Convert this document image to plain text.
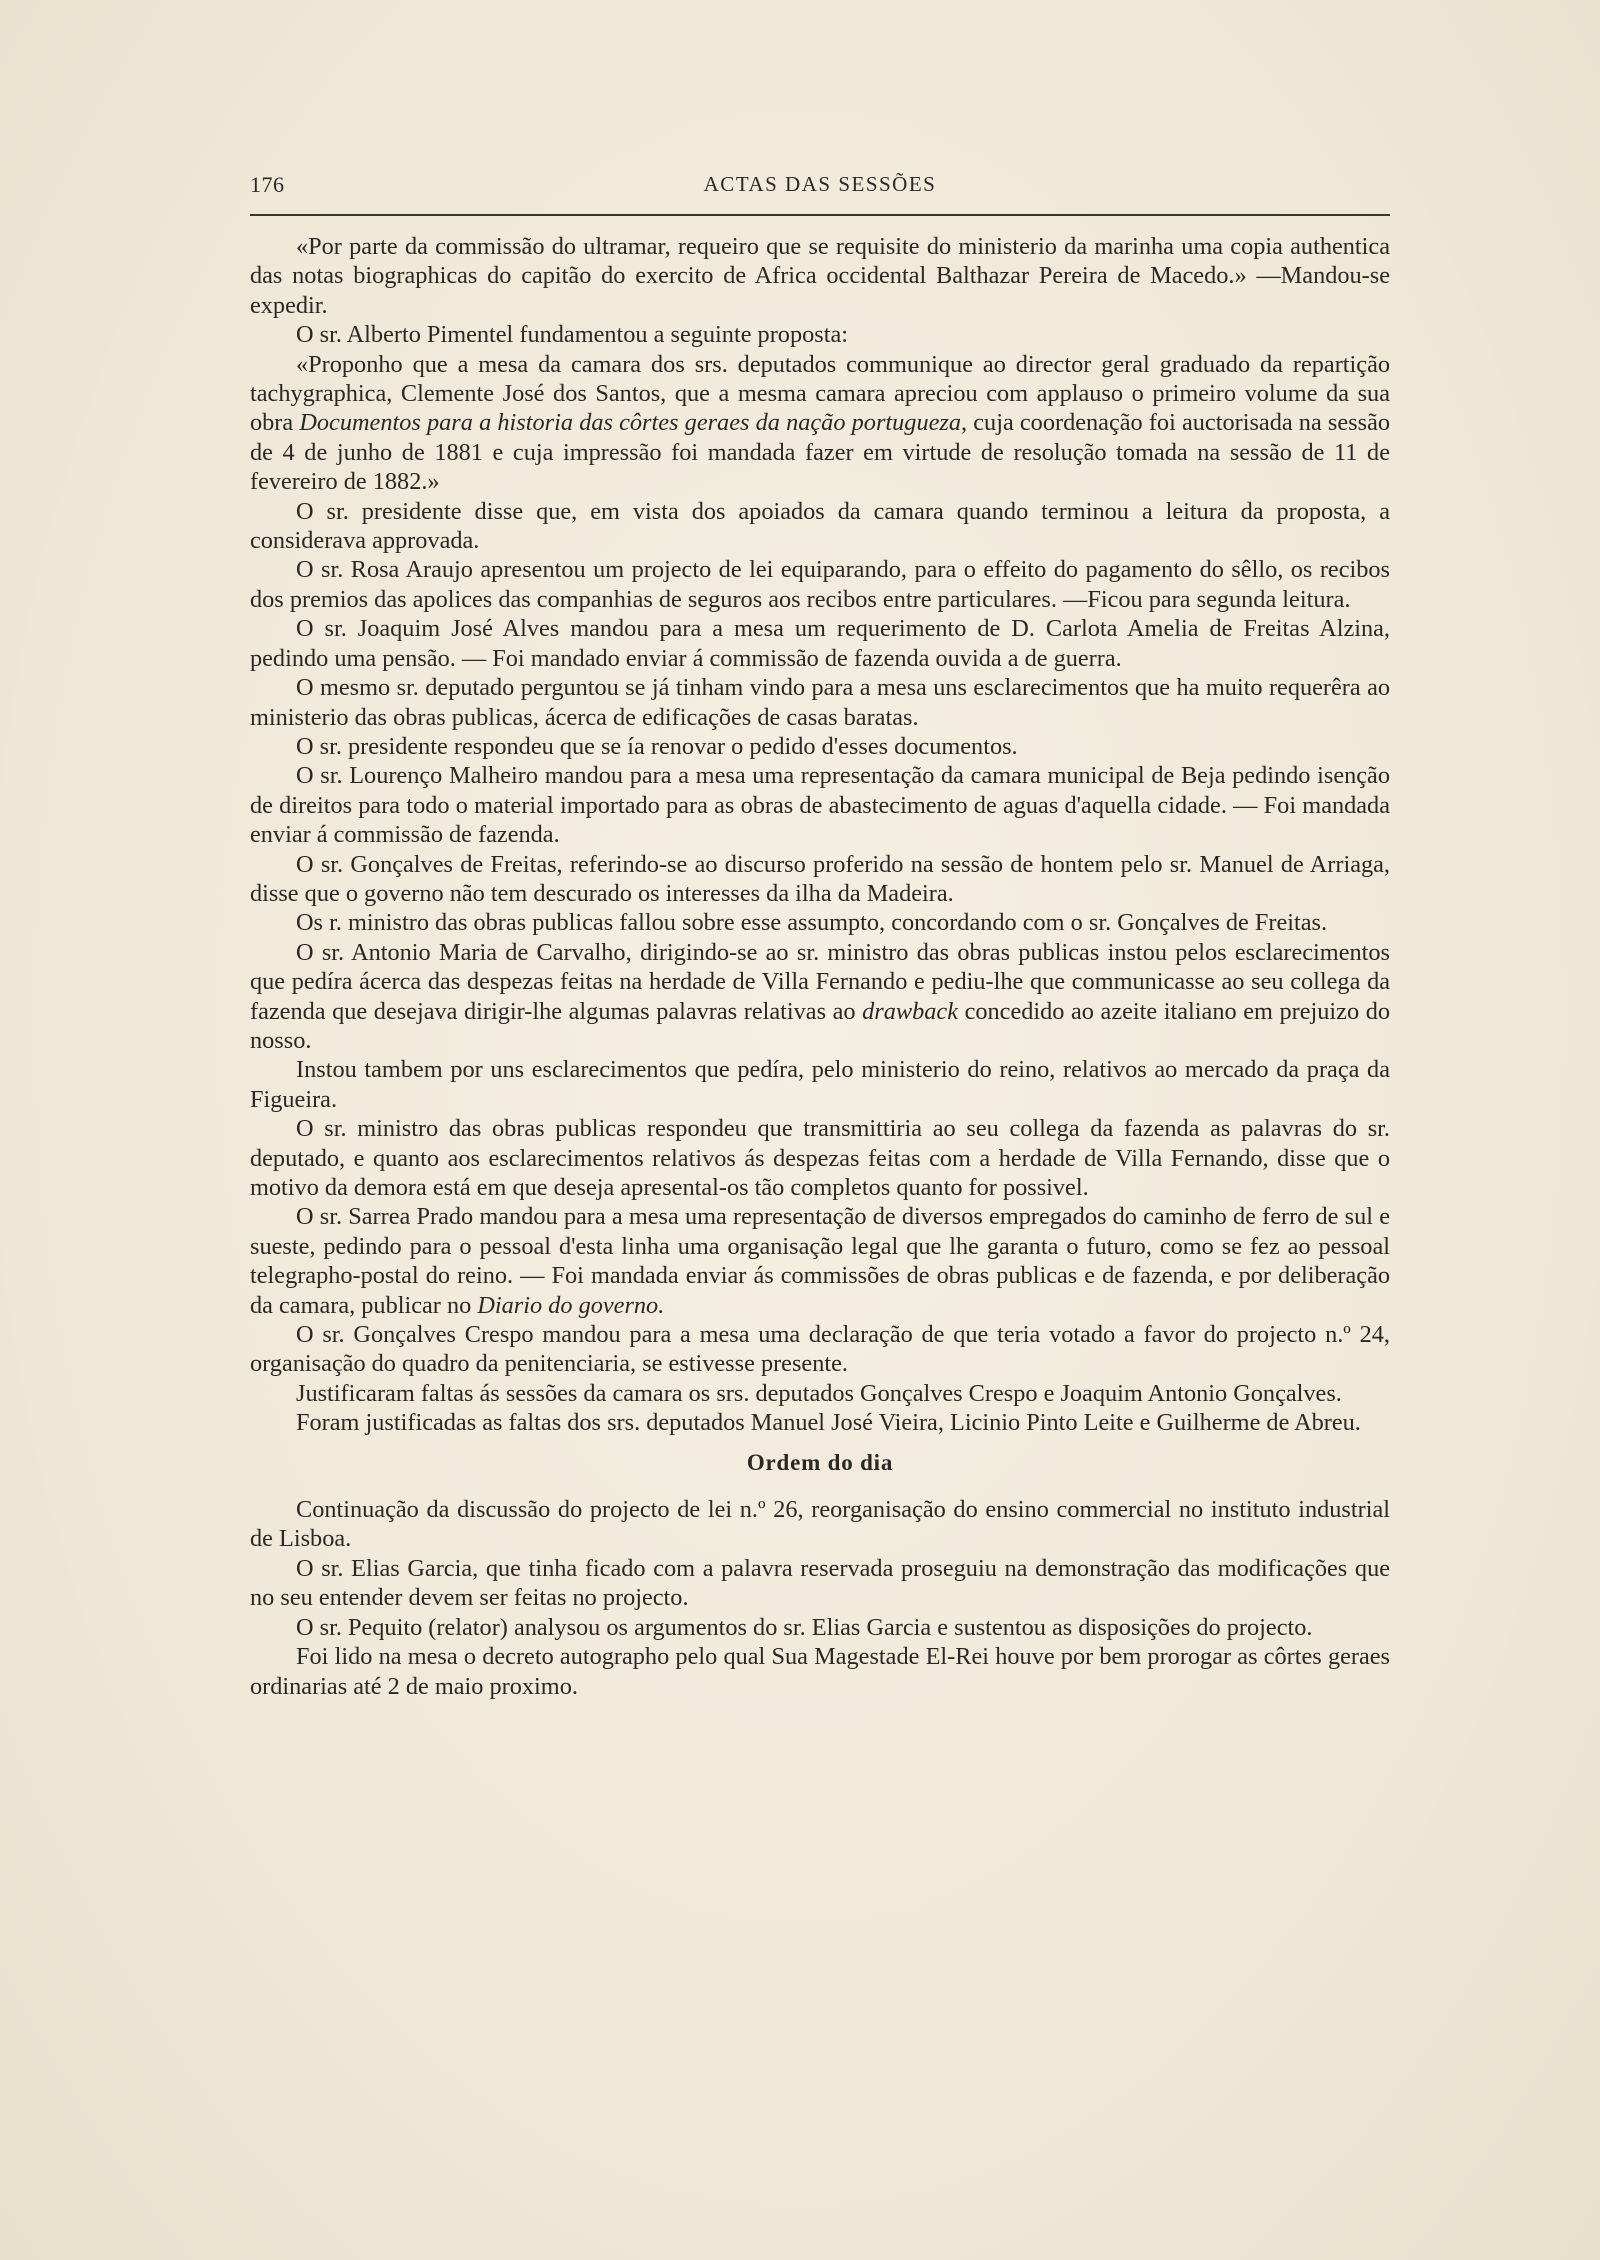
176	ACTAS DAS SESSÕES

«Por parte da commissão do ultramar, requeiro que se requisite do ministerio da marinha uma copia authentica das notas biographicas do capitão do exercito de Africa occidental Balthazar Pereira de Macedo.» —Mandou-se expedir.

O sr. Alberto Pimentel fundamentou a seguinte proposta:

«Proponho que a mesa da camara dos srs. deputados communique ao director geral graduado da repartição tachygraphica, Clemente José dos Santos, que a mesma camara apreciou com applauso o primeiro volume da sua obra Documentos para a historia das côrtes geraes da nação portugueza, cuja coordenação foi auctorisada na sessão de 4 de junho de 1881 e cuja impressão foi mandada fazer em virtude de resolução tomada na sessão de 11 de fevereiro de 1882.»

O sr. presidente disse que, em vista dos apoiados da camara quando terminou a leitura da proposta, a considerava approvada.

O sr. Rosa Araujo apresentou um projecto de lei equiparando, para o effeito do pagamento do sêllo, os recibos dos premios das apolices das companhias de seguros aos recibos entre particulares. —Ficou para segunda leitura.

O sr. Joaquim José Alves mandou para a mesa um requerimento de D. Carlota Amelia de Freitas Alzina, pedindo uma pensão. — Foi mandado enviar á commissão de fazenda ouvida a de guerra.

O mesmo sr. deputado perguntou se já tinham vindo para a mesa uns esclarecimentos que ha muito requerêra ao ministerio das obras publicas, ácerca de edificações de casas baratas.

O sr. presidente respondeu que se ía renovar o pedido d'esses documentos.

O sr. Lourenço Malheiro mandou para a mesa uma representação da camara municipal de Beja pedindo isenção de direitos para todo o material importado para as obras de abastecimento de aguas d'aquella cidade. — Foi mandada enviar á commissão de fazenda.

O sr. Gonçalves de Freitas, referindo-se ao discurso proferido na sessão de hontem pelo sr. Manuel de Arriaga, disse que o governo não tem descurado os interesses da ilha da Madeira.

Os r. ministro das obras publicas fallou sobre esse assumpto, concordando com o sr. Gonçalves de Freitas.

O sr. Antonio Maria de Carvalho, dirigindo-se ao sr. ministro das obras publicas instou pelos esclarecimentos que pedíra ácerca das despezas feitas na herdade de Villa Fernando e pediu-lhe que communicasse ao seu collega da fazenda que desejava dirigir-lhe algumas palavras relativas ao drawback concedido ao azeite italiano em prejuizo do nosso.

Instou tambem por uns esclarecimentos que pedíra, pelo ministerio do reino, relativos ao mercado da praça da Figueira.

O sr. ministro das obras publicas respondeu que transmittiria ao seu collega da fazenda as palavras do sr. deputado, e quanto aos esclarecimentos relativos ás despezas feitas com a herdade de Villa Fernando, disse que o motivo da demora está em que deseja apresental-os tão completos quanto for possivel.

O sr. Sarrea Prado mandou para a mesa uma representação de diversos empregados do caminho de ferro de sul e sueste, pedindo para o pessoal d'esta linha uma organisação legal que lhe garanta o futuro, como se fez ao pessoal telegrapho-postal do reino. — Foi mandada enviar ás commissões de obras publicas e de fazenda, e por deliberação da camara, publicar no Diario do governo.

O sr. Gonçalves Crespo mandou para a mesa uma declaração de que teria votado a favor do projecto n.º 24, organisação do quadro da penitenciaria, se estivesse presente.

Justificaram faltas ás sessões da camara os srs. deputados Gonçalves Crespo e Joaquim Antonio Gonçalves.

Foram justificadas as faltas dos srs. deputados Manuel José Vieira, Licinio Pinto Leite e Guilherme de Abreu.

Ordem do dia

Continuação da discussão do projecto de lei n.º 26, reorganisação do ensino commercial no instituto industrial de Lisboa.

O sr. Elias Garcia, que tinha ficado com a palavra reservada proseguiu na demonstração das modificações que no seu entender devem ser feitas no projecto.

O sr. Pequito (relator) analysou os argumentos do sr. Elias Garcia e sustentou as disposições do projecto.

Foi lido na mesa o decreto autographo pelo qual Sua Magestade El-Rei houve por bem prorogar as côrtes geraes ordinarias até 2 de maio proximo.
